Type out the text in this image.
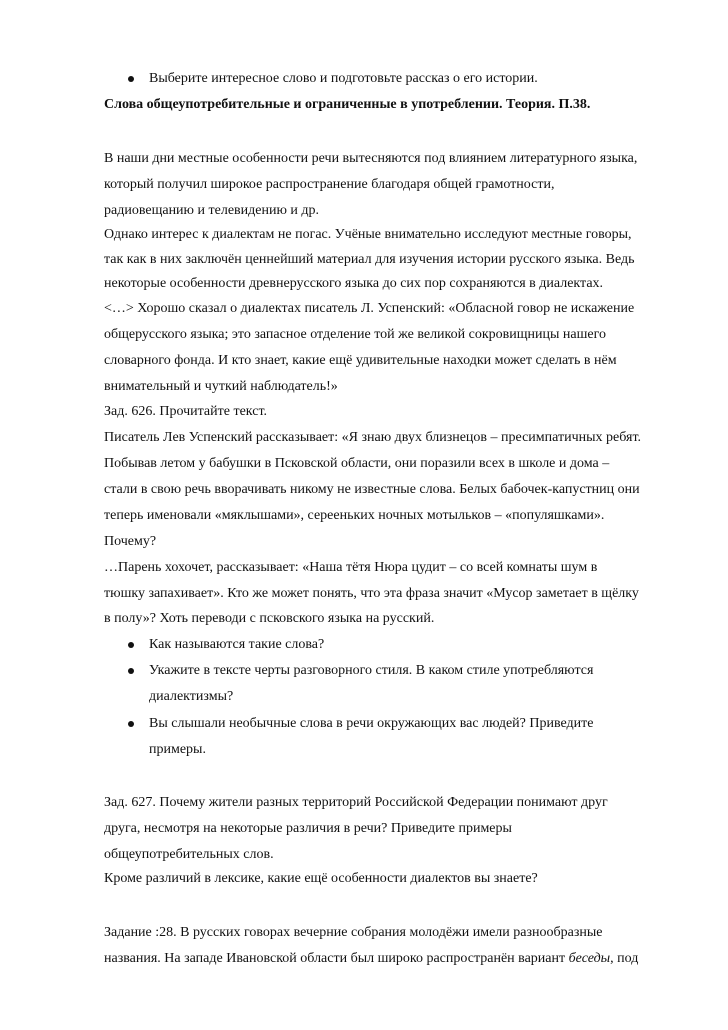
Выберите интересное слово и подготовьте рассказ о его истории.
Слова общеупотребительные и ограниченные в употреблении. Теория. П.38.
В наши дни местные особенности речи вытесняются под влиянием литературного языка,
который получил широкое распространение благодаря общей грамотности,
радиовещанию и телевидению и др.
Однако интерес к диалектам не погас. Учёные внимательно исследуют местные говоры,
так как в них заключён ценнейший материал для изучения истории русского языка. Ведь
некоторые особенности древнерусского языка до сих пор сохраняются в диалектах.
<…> Хорошо сказал о диалектах писатель Л. Успенский: «Обласной говор не искажение
общерусского языка; это запасное отделение той же великой сокровищницы нашего
словарного фонда. И кто знает, какие ещё удивительные находки может сделать в нём
внимательный и чуткий наблюдатель!»
Зад. 626. Прочитайте текст.
Писатель Лев Успенский рассказывает: «Я знаю двух близнецов – пресимпатичных ребят.
Побывав летом у бабушки в Псковской области, они поразили всех в школе и дома –
стали в свою речь вворачивать никому не известные слова. Белых бабочек-капустниц они
теперь именовали «мяклышами», серееньких ночных мотыльков – «популяшками».
Почему?
…Парень хохочет, рассказывает: «Наша тётя Нюра цудит – со всей комнаты шум в
тюшку запахивает». Кто же может понять, что эта фраза значит «Мусор заметает в щёлку
в полу»? Хоть переводи с псковского языка на русский.
Как называются такие слова?
Укажите в тексте черты разговорного стиля. В каком стиле употребляются
диалектизмы?
Вы слышали необычные слова в речи окружающих вас людей? Приведите
примеры.
Зад. 627. Почему жители разных территорий Российской Федерации понимают друг
друга, несмотря на некоторые различия в речи? Приведите примеры
общеупотребительных слов.
Кроме различий в лексике, какие ещё особенности диалектов вы знаете?
Задание :28. В русских говорах вечерние собрания молодёжи имели разнообразные
названия. На западе Ивановской области был широко распространён вариант беседы, под
